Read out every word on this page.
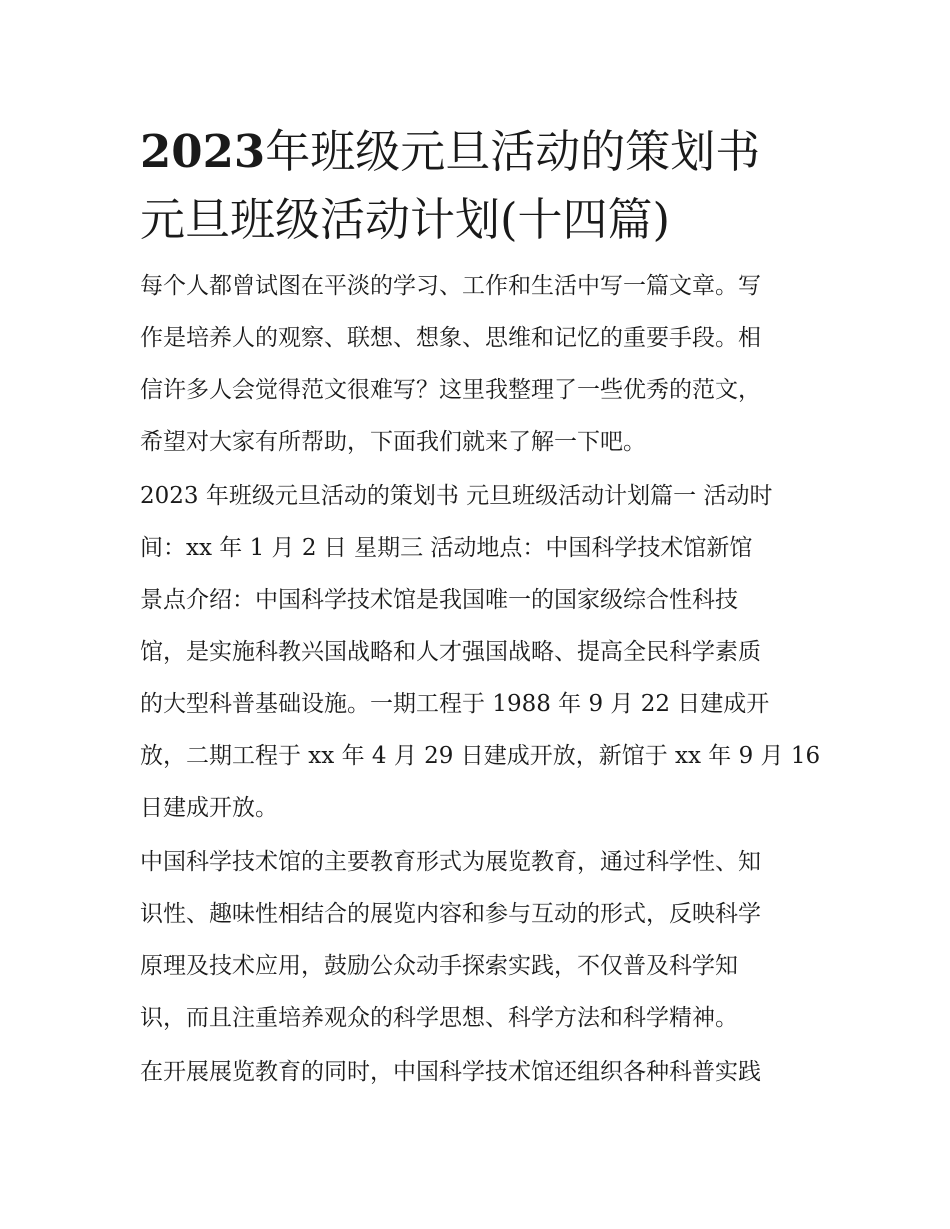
2023年班级元旦活动的策划书
元旦班级活动计划(十四篇)

每个人都曾试图在平淡的学习、工作和生活中写一篇文章。写
作是培养人的观察、联想、想象、思维和记忆的重要手段。相
信许多人会觉得范文很难写？这里我整理了一些优秀的范文，
希望对大家有所帮助，下面我们就来了解一下吧。

2023 年班级元旦活动的策划书 元旦班级活动计划篇一 活动时
间：xx 年 1 月 2 日 星期三 活动地点：中国科学技术馆新馆
景点介绍：中国科学技术馆是我国唯一的国家级综合性科技
馆，是实施科教兴国战略和人才强国战略、提高全民科学素质
的大型科普基础设施。一期工程于 1988 年 9 月 22 日建成开
放，二期工程于 xx 年 4 月 29 日建成开放，新馆于 xx 年 9 月 16
日建成开放。

中国科学技术馆的主要教育形式为展览教育，通过科学性、知
识性、趣味性相结合的展览内容和参与互动的形式，反映科学
原理及技术应用，鼓励公众动手探索实践，不仅普及科学知
识，而且注重培养观众的科学思想、科学方法和科学精神。

在开展展览教育的同时，中国科学技术馆还组织各种科普实践
